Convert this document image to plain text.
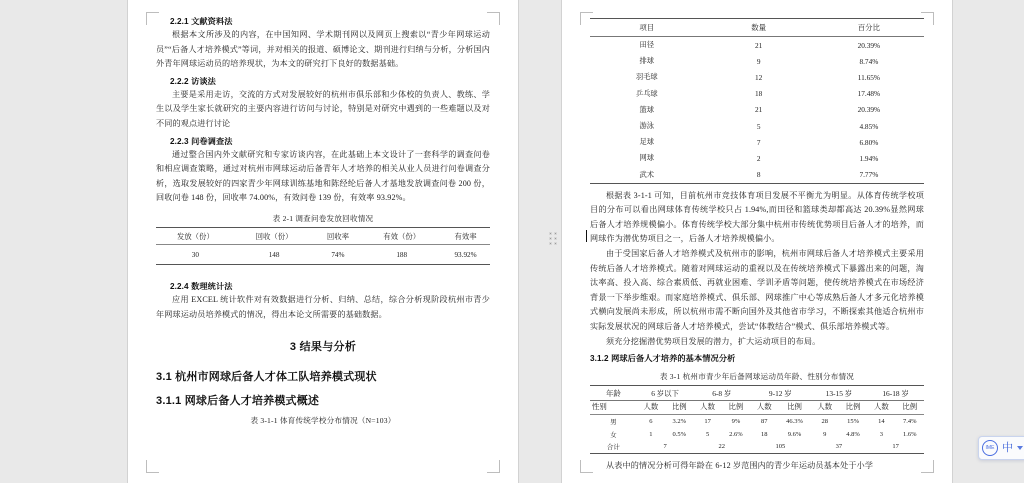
2.2.1 文献资料法

根据本文所涉及的内容，在中国知网、学术期刊网以及网页上搜索以“青少年网球运动员”“后备人才培养模式”等词，并对相关的报道、硕博论文、期刊进行归纳与分析，分析国内外青年网球运动员的培养现状，为本文的研究打下良好的数据基础。

2.2.2 访谈法

主要是采用走访，交流的方式对发展较好的杭州市俱乐部和少体校的负责人、教练、学生以及学生家长就研究的主要内容进行访问与讨论，特别是对研究中遇到的一些难题以及对不同的观点进行讨论

2.2.3 问卷调查法

通过整合国内外文献研究和专家访谈内容，在此基础上本文设计了一套科学的调查问卷和相应调查策略，通过对杭州市网球运动后备青年人才培养的相关从业人员进行问卷调查分析，选取发展较好的四家青少年网球训练基地和陈经纶后备人才基地发放调查问卷 200 份，回收问卷 148 份，回收率 74.00%，有效问卷 139 份，有效率 93.92%。

表 2-1 调查问卷发放回收情况
发放（份）	回收（份）	回收率	有效（份）	有效率
30	148	74%	188	93.92%
2.2.4 数理统计法

应用 EXCEL 统计软件对有效数据进行分析、归纳、总结，综合分析现阶段杭州市青少年网球运动员培养模式的情况，得出本论文所需要的基础数据。

3 结果与分析
3.1 杭州市网球后备人才体工队培养模式现状
3.1.1 网球后备人才培养模式概述
表 3-1-1 体育传统学校分布情况（N=103）
项目	数量	百分比
田径	21	20.39%
排球	9	8.74%
羽毛球	12	11.65%
乒乓球	18	17.48%
篮球	21	20.39%
游泳	5	4.85%
足球	7	6.80%
网球	2	1.94%
武术	8	7.77%

根据表 3-1-1 可知，目前杭州市竞技体育项目发展不平衡尤为明显。从体育传统学校项目的分布可以看出网球体育传统学校只占 1.94%,而田径和篮球类却都高达 20.39%显然网球后备人才培养规模偏小。体育传统学校大部分集中杭州市传统优势项目后备人才的培养，而网球作为潜优势项目之一，后备人才培养规模偏小。

由于受国家后备人才培养模式及杭州市的影响，杭州市网球后备人才培养模式主要采用传统后备人才培养模式。随着对网球运动的重视以及在传统培养模式下暴露出来的问题，淘汰率高、投入高、综合素质低、再就业困难、学训矛盾等问题，使传统培养模式在市场经济背景一下举步维艰。而家庭培养模式、俱乐部、网球推广中心等成熟后备人才多元化培养模式横向发展尚未形成，所以杭州市需不断向国外及其他省市学习，不断探索其他适合杭州市实际发展状况的网球后备人才培养模式，尝试“体教结合”模式、俱乐部培养模式等。

须充分挖掘潜优势项目发展的潜力，扩大运动项目的布局。

3.1.2 网球后备人才培养的基本情况分析
表 3-1 杭州市青少年后备网球运动员年龄、性别分布情况
年龄	6 岁以下		6-8 岁		9-12 岁		13-15 岁		16-18 岁	
性别	人数	比例	人数	比例	人数	比例	人数	比例	人数	比例
男	6	3.2%	17	9%	87	46.3%	28	15%	14	7.4%
女	1	0.5%	5	2.6%	18	9.6%	9	4.8%	3	1.6%
合计	7		22		105		37		17	

从表中的情况分析可得年龄在 6-12 岁范围内的青少年运动员基本处于小学

IME 中
